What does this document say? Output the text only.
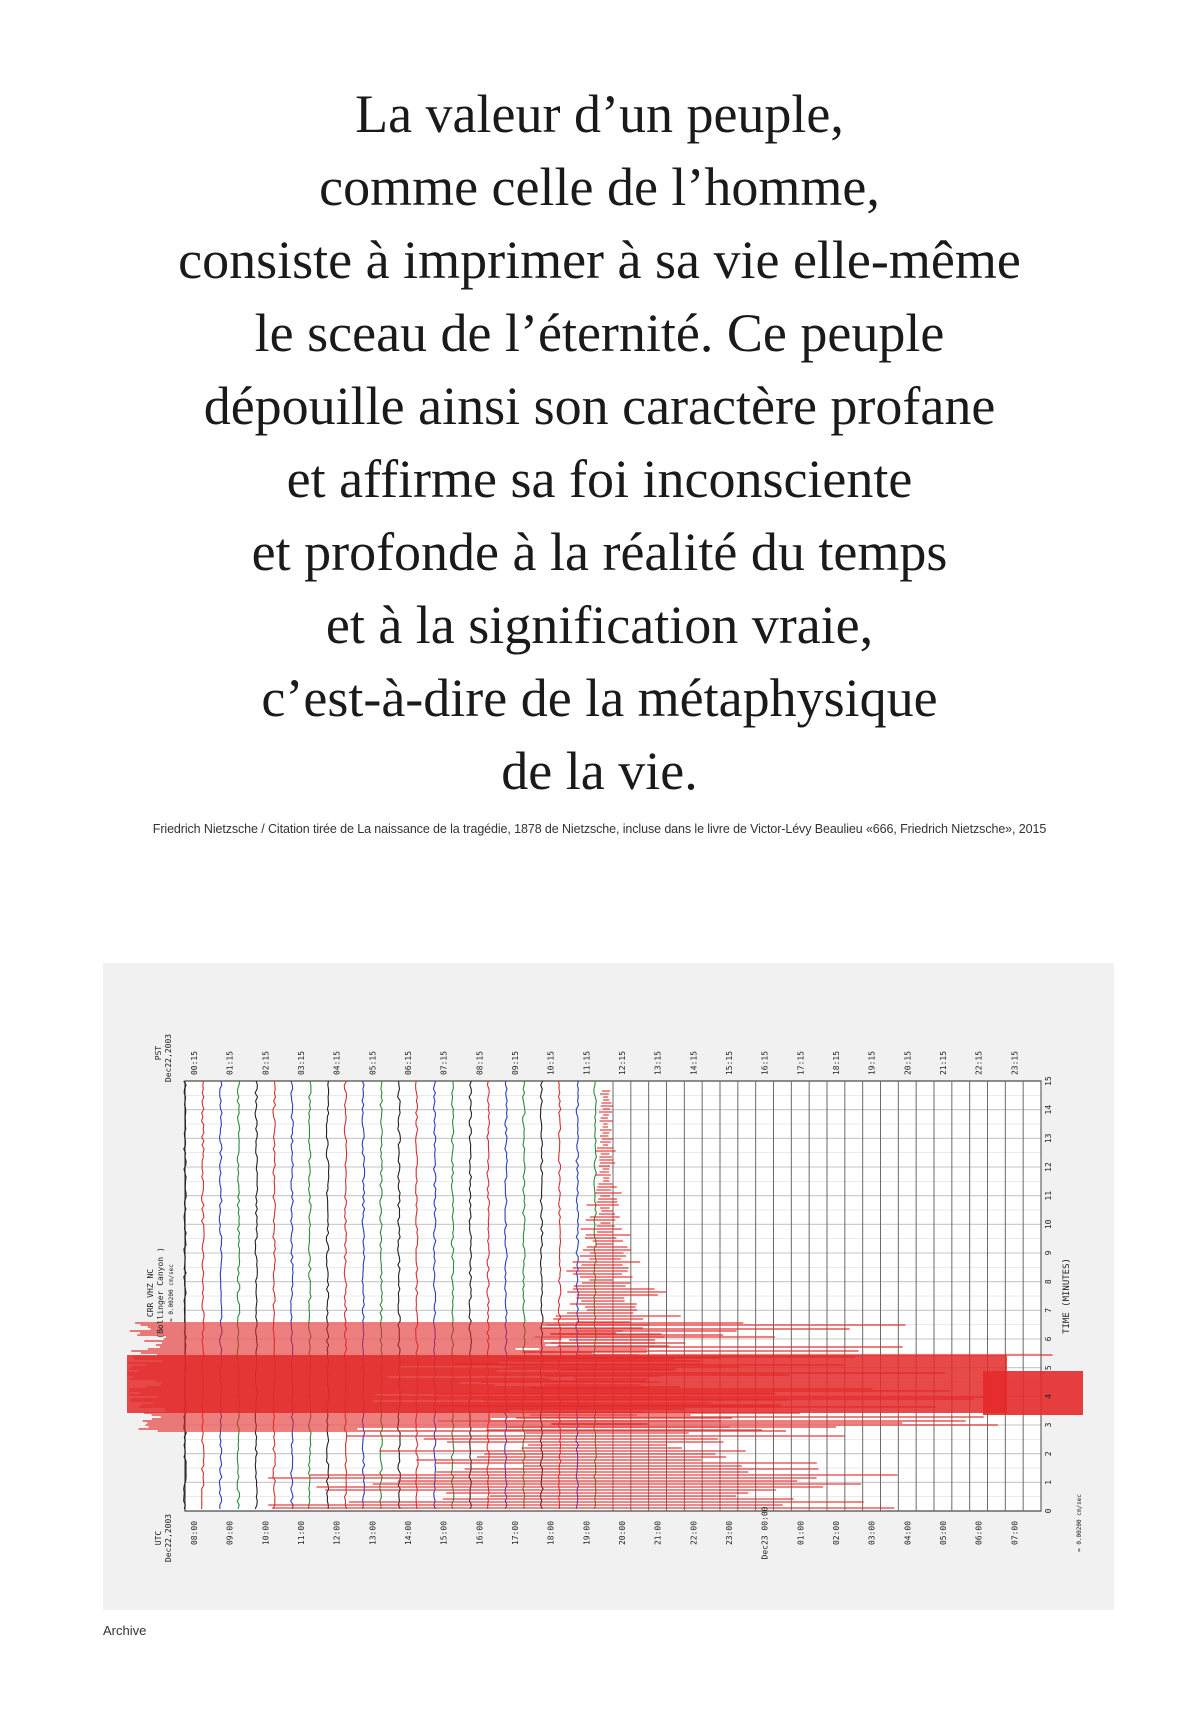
La valeur d’un peuple,
comme celle de l’homme,
consiste à imprimer à sa vie elle-même
le sceau de l’éternité. Ce peuple
dépouille ainsi son caractère profane
et affirme sa foi inconsciente
et profonde à la réalité du temps
et à la signification vraie,
c’est-à-dire de la métaphysique
de la vie.

Friedrich Nietzsche / Citation tirée de La naissance de la tragédie, 1878 de Nietzsche, incluse dans le livre de Victor-Lévy Beaulieu «666, Friedrich Nietzsche», 2015

00:15	01:15	02:15	03:15	04:15	05:15	06:15	07:15	08:15	09:15	10:15	11:15	12:15	13:15	14:15	15:15	16:15	17:15	18:15	19:15	20:15	21:15	22:15	23:15
08:00	09:00	10:00	11:00	12:00	13:00	14:00	15:00	16:00	17:00	18:00	19:00	20:00	21:00	22:00	23:00	Dec23 00:00	01:00	02:00	03:00	04:00	05:00	06:00	07:00
PST Dec22,2003
UTC Dec22,2003
CRR VHZ NC (Bollinger Canyon ) = 0.00200 cm/sec
0
1
2
3
4
5
6
7
8
9
10
11
12
13
14
15
TIME (MINUTES)
= 0.00200 cm/sec

Archive
